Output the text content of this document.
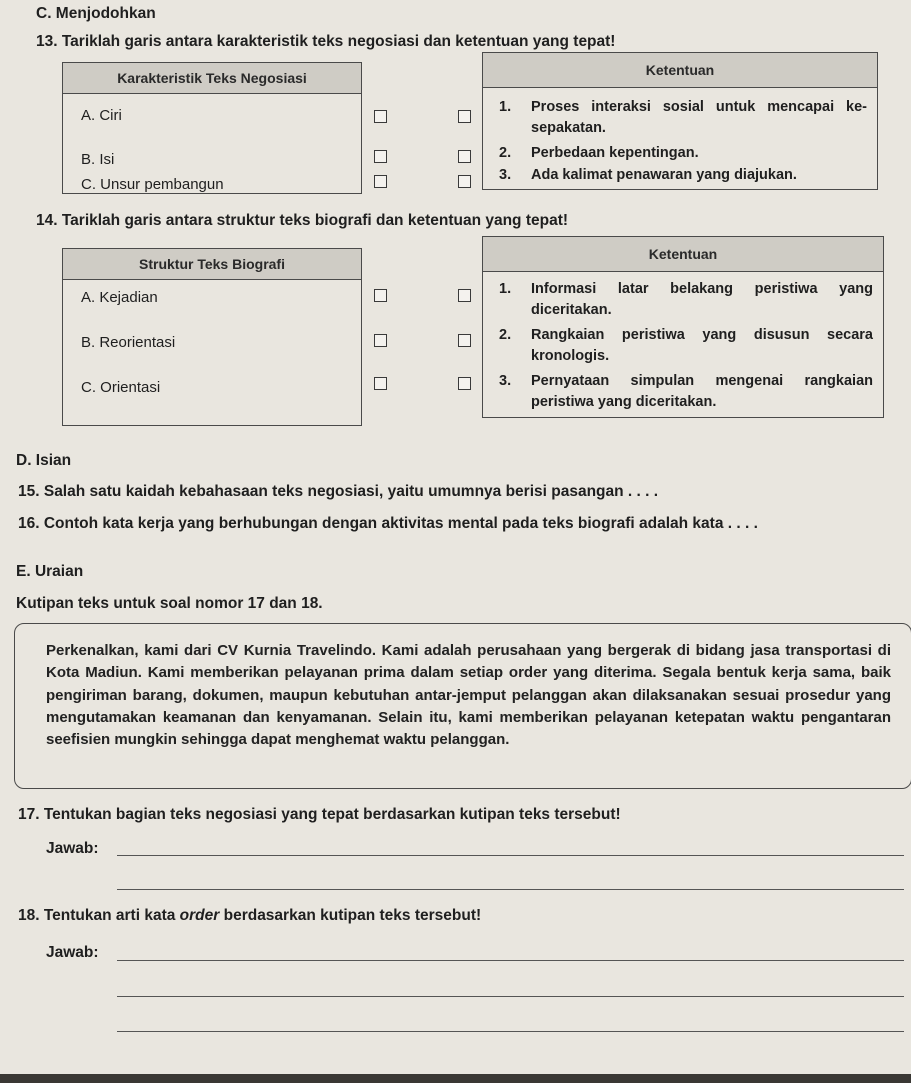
C. Menjodohkan
13. Tariklah garis antara karakteristik teks negosiasi dan ketentuan yang tepat!
Karakteristik Teks Negosiasi
A. Ciri
B. Isi
C. Unsur pembangun
Ketentuan
1. Proses interaksi sosial untuk mencapai ke-sepakatan.
2. Perbedaan kepentingan.
3. Ada kalimat penawaran yang diajukan.
14. Tariklah garis antara struktur teks biografi dan ketentuan yang tepat!
Struktur Teks Biografi
A. Kejadian
B. Reorientasi
C. Orientasi
Ketentuan
1. Informasi latar belakang peristiwa yang diceritakan.
2. Rangkaian peristiwa yang disusun secara kronologis.
3. Pernyataan simpulan mengenai rangkaian peristiwa yang diceritakan.
D. Isian
15. Salah satu kaidah kebahasaan teks negosiasi, yaitu umumnya berisi pasangan . . . .
16. Contoh kata kerja yang berhubungan dengan aktivitas mental pada teks biografi adalah kata . . . .
E. Uraian
Kutipan teks untuk soal nomor 17 dan 18.
Perkenalkan, kami dari CV Kurnia Travelindo. Kami adalah perusahaan yang bergerak di bidang jasa transportasi di Kota Madiun. Kami memberikan pelayanan prima dalam setiap order yang diterima. Segala bentuk kerja sama, baik pengiriman barang, dokumen, maupun kebutuhan antar-jemput pelanggan akan dilaksanakan sesuai prosedur yang mengutamakan keamanan dan kenyamanan. Selain itu, kami memberikan pelayanan ketepatan waktu pengantaran seefisien mungkin sehingga dapat menghemat waktu pelanggan.
17. Tentukan bagian teks negosiasi yang tepat berdasarkan kutipan teks tersebut!
Jawab:
18. Tentukan arti kata order berdasarkan kutipan teks tersebut!
Jawab:
